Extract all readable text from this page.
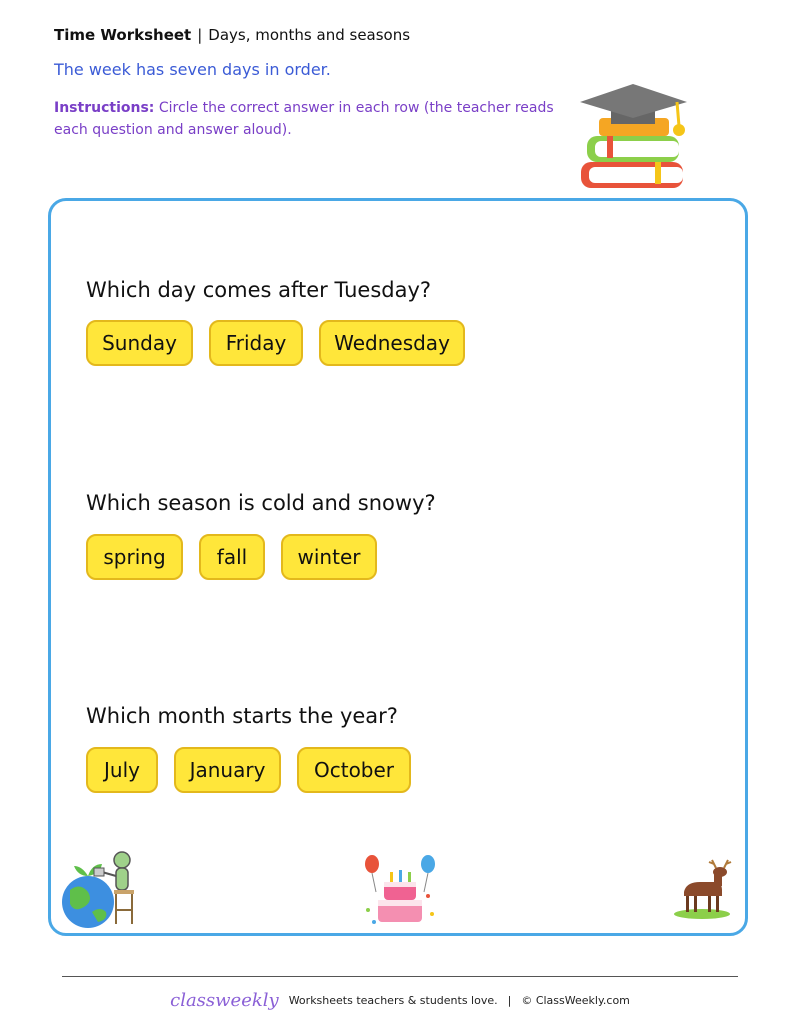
Time Worksheet | Days, months and seasons
The week has seven days in order.
Instructions: Circle the correct answer in each row (the teacher reads each question and answer aloud).
Which day comes after Tuesday?
Sunday	Friday	Wednesday
Which season is cold and snowy?
spring	fall	winter
Which month starts the year?
July	January	October
classweekly Worksheets teachers & students love. | © ClassWeekly.com
